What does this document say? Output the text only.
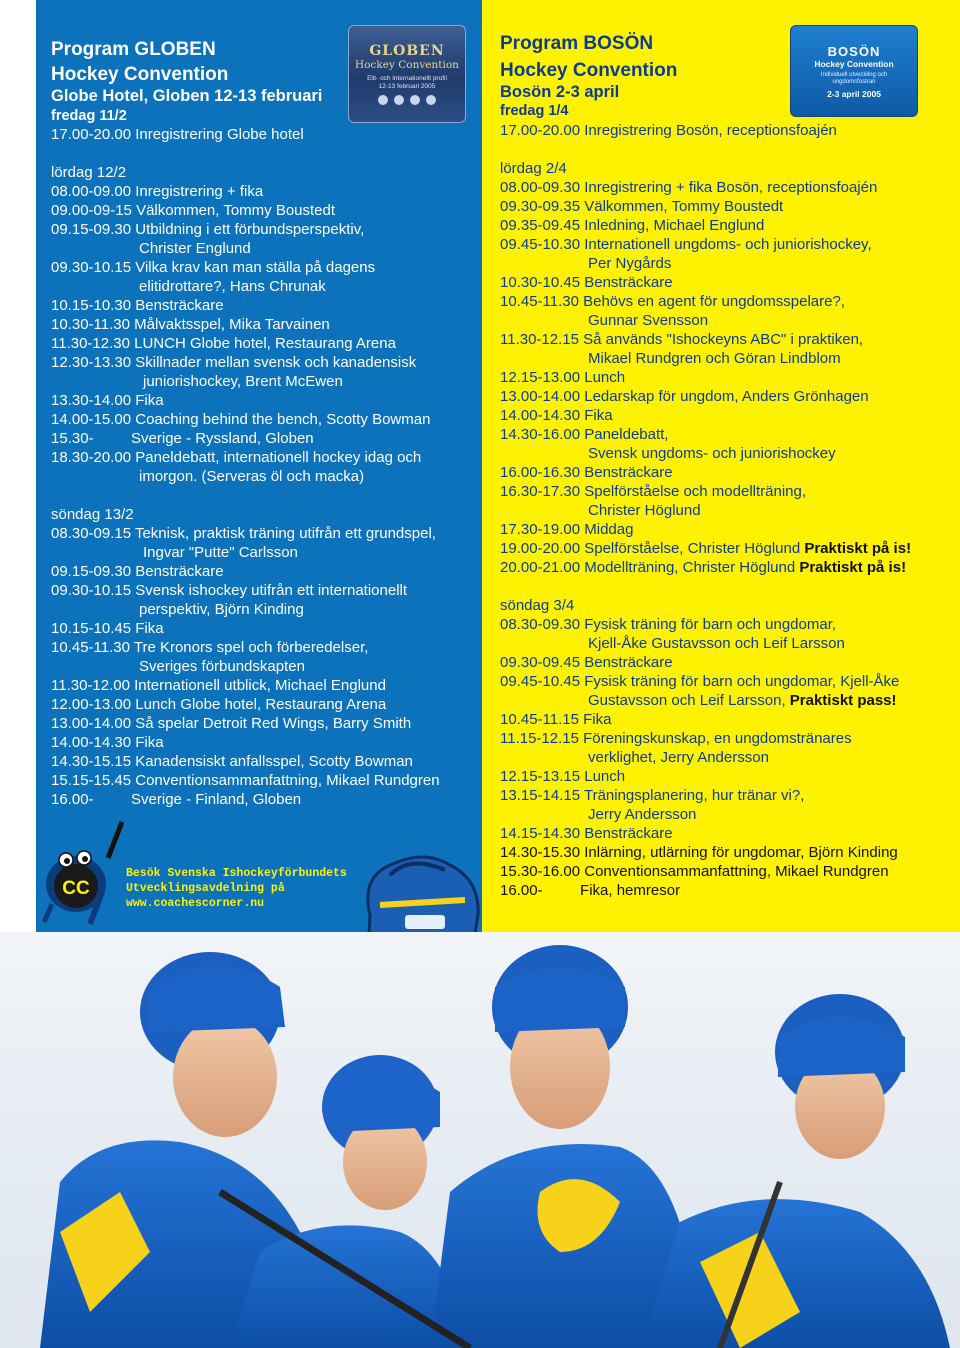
Program GLOBEN
Hockey Convention
Globe Hotel, Globen 12-13 februari
fredag 11/2
17.00-20.00 Inregistrering Globe hotel
lördag 12/2
08.00-09.00 Inregistrering + fika
09.00-09-15 Välkommen, Tommy Boustedt
09.15-09.30 Utbildning i ett förbundsperspektiv,
Christer Englund
09.30-10.15 Vilka krav kan man ställa på dagens
elitidrottare?, Hans Chrunak
10.15-10.30 Bensträckare
10.30-11.30 Målvaktsspel, Mika Tarvainen
11.30-12.30 LUNCH Globe hotel, Restaurang Arena
12.30-13.30 Skillnader mellan svensk och kanadensisk
juniorishockey, Brent McEwen
13.30-14.00 Fika
14.00-15.00 Coaching behind the bench, Scotty Bowman
15.30-         Sverige - Ryssland, Globen
18.30-20.00 Paneldebatt, internationell hockey idag och
imorgon. (Serveras öl och macka)
söndag 13/2
08.30-09.15 Teknisk, praktisk träning utifrån ett grundspel,
Ingvar "Putte" Carlsson
09.15-09.30 Bensträckare
09.30-10.15 Svensk ishockey utifrån ett internationellt
perspektiv, Björn Kinding
10.15-10.45 Fika
10.45-11.30 Tre Kronors spel och förberedelser,
Sveriges förbundskapten
11.30-12.00 Internationell utblick, Michael Englund
12.00-13.00 Lunch Globe hotel, Restaurang Arena
13.00-14.00 Så spelar Detroit Red Wings, Barry Smith
14.00-14.30 Fika
14.30-15.15 Kanadensiskt anfallsspel, Scotty Bowman
15.15-15.45 Conventionsammanfattning, Mikael Rundgren
16.00-         Sverige - Finland, Globen
GLOBEN
Hockey Convention
Elit- och internationellt profil
12-13 februari 2005
CC
Besök Svenska Ishockeyförbundets
Utvecklingsavdelning på
www.coachescorner.nu
Program BOSÖN
Hockey Convention
Bosön 2-3 april
fredag 1/4
17.00-20.00 Inregistrering Bosön, receptionsfoajén
lördag 2/4
08.00-09.30 Inregistrering + fika Bosön, receptionsfoajén
09.30-09.35 Välkommen, Tommy Boustedt
09.35-09.45 Inledning, Michael Englund
09.45-10.30 Internationell ungdoms- och juniorishockey,
Per Nygårds
10.30-10.45 Bensträckare
10.45-11.30 Behövs en agent för ungdomsspelare?,
Gunnar Svensson
11.30-12.15 Så används "Ishockeyns ABC" i praktiken,
Mikael Rundgren och Göran Lindblom
12.15-13.00 Lunch
13.00-14.00 Ledarskap för ungdom, Anders Grönhagen
14.00-14.30 Fika
14.30-16.00 Paneldebatt,
Svensk ungdoms- och juniorishockey
16.00-16.30 Bensträckare
16.30-17.30 Spelförståelse och modellträning,
Christer Höglund
17.30-19.00 Middag
19.00-20.00 Spelförståelse, Christer Höglund Praktiskt på is!
20.00-21.00 Modellträning, Christer Höglund Praktiskt på is!
söndag 3/4
08.30-09.30 Fysisk träning för barn och ungdomar,
Kjell-Åke Gustavsson och Leif Larsson
09.30-09.45 Bensträckare
09.45-10.45 Fysisk träning för barn och ungdomar, Kjell-Åke
Gustavsson och Leif Larsson, Praktiskt pass!
10.45-11.15 Fika
11.15-12.15 Föreningskunskap, en ungdomstränares
verklighet, Jerry Andersson
12.15-13.15 Lunch
13.15-14.15 Träningsplanering, hur tränar vi?,
Jerry Andersson
14.15-14.30 Bensträckare
14.30-15.30 Inlärning, utlärning för ungdomar, Björn Kinding
15.30-16.00 Conventionsammanfattning, Mikael Rundgren
16.00-         Fika, hemresor
BOSÖN
Hockey Convention
Individuell utveckling och ungdomsfostran
2-3 april 2005
